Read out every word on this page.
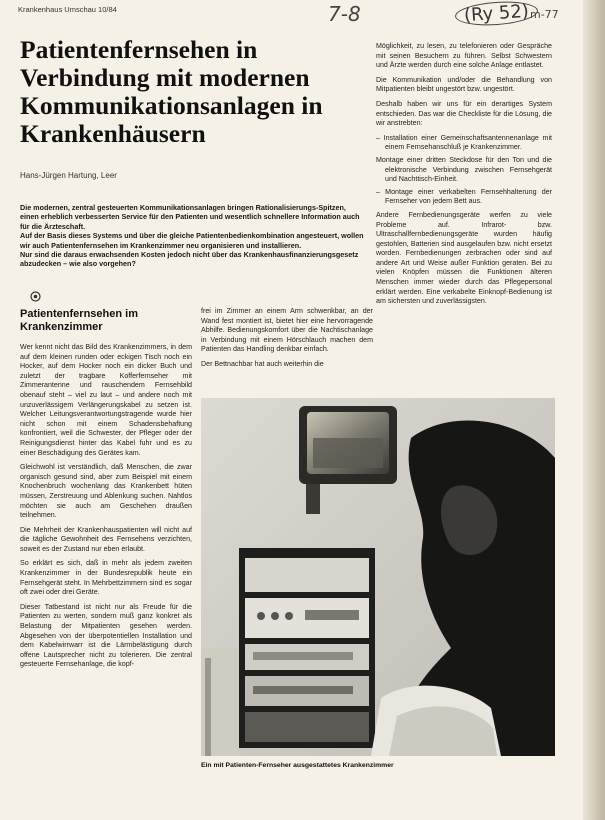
Krankenhaus Umschau 10/84	7-8	(Ry 52) m-77
Patientenfernsehen in Verbindung mit modernen Kommunikationsanlagen in Krankenhäusern
Hans-Jürgen Hartung, Leer

Die modernen, zentral gesteuerten Kommunikationsanlagen bringen Rationalisierungs-Spitzen, einen erheblich verbesserten Service für den Patienten und wesentlich schnellere Information auch für die Ärzteschaft.

Auf der Basis dieses Systems und über die gleiche Patientenbedienkombination angesteuert, wollen wir auch Patientenfernsehen im Krankenzimmer neu organisieren und installieren.

Nur sind die daraus erwachsenden Kosten jedoch nicht über das Krankenhausfinanzierungsgesetz abzudecken – wie also vorgehen?

Patientenfernsehen im Krankenzimmer

Wer kennt nicht das Bild des Krankenzimmers, in dem auf dem kleinen runden oder eckigen Tisch noch ein Hocker, auf dem Hocker noch ein dicker Buch und zuletzt der tragbare Kofferfernseher mit Zimmerantenne und rauschendem Fernsehbild obenauf steht – viel zu laut – und andere noch mit unzuverlässigem Verlängerungskabel zu setzen ist. Welcher Leitungsverantwortungstragende wurde hier nicht schon mit einem Schadensbehaftung konfrontiert, weil die Schwester, der Pfleger oder der Reinigungsdienst hinter das Kabel fuhr und es zu einer Beschädigung des Gerätes kam.

Gleichwohl ist verständlich, daß Menschen, die zwar organisch gesund sind, aber zum Beispiel mit einem Knochenbruch wochenlang das Krankenbett hüten müssen, Zerstreuung und Ablenkung suchen. Nahtlos möchten sie auch am Geschehen draußen teilnehmen.

Die Mehrheit der Krankenhauspatienten will nicht auf die tägliche Gewohnheit des Fernsehens verzichten, soweit es der Zustand nur eben erlaubt.

So erklärt es sich, daß in mehr als jedem zweiten Krankenzimmer in der Bundesrepublik heute ein Fernsehgerät steht. In Mehrbettzimmern sind es sogar oft zwei oder drei Geräte.

Dieser Tatbestand ist nicht nur als Freude für die Patienten zu werten, sondern muß ganz konkret als Belastung der Mitpatienten gesehen werden. Abgesehen von der überpotentiellen Installation und dem Kabelwirrwarr ist die Lärmbelästigung durch offene Lautsprecher nicht zu tolerieren. Die zentral gesteuerte Fernsehanlage, die kopf-

frei im Zimmer an einem Arm schwenkbar, an der Wand fest montiert ist, bietet hier eine hervorragende Abhilfe. Bedienungskomfort über die Nachtischanlage in Verbindung mit einem Hörschlauch machen dem Patienten das Handling denkbar einfach.

Der Bettnachbar hat auch weiterhin die

Möglichkeit, zu lesen, zu telefonieren oder Gespräche mit seinen Besuchern zu führen. Selbst Schwestern und Ärzte werden durch eine solche Anlage entlastet.

Die Kommunikation und/oder die Behandlung von Mitpatienten bleibt ungestört bzw. ungestört.

Deshalb haben wir uns für ein derartiges System entschieden. Das war die Checkliste für die Lösung, die wir anstrebten:

– Installation einer Gemeinschaftsantennenanlage mit einem Fernsehanschluß je Krankenzimmer.
Montage einer dritten Steckdose für den Ton und die elektronische Verbindung zwischen Fernsehgerät und Nachttisch-Einheit.
– Montage einer verkabelten Fernsehhalterung der Fernseher von jedem Bett aus.

Andere Fernbedienungsgeräte werfen zu viele Probleme auf. Infrarot- bzw. Ultraschallfernbedienungsgeräte wurden häufig gestohlen, Batterien sind ausgelaufen bzw. nicht ersetzt worden. Fernbedienungen zerbrachen oder sind auf andere Art und Weise außer Funktion geraten. Bei zu vielen Knöpfen müssen die Funktionen älteren Menschen immer wieder durch das Pflegepersonal erklärt werden. Eine verkabelte Einknopf-Bedienung ist am sichersten und zuverlässigsten.

Ein mit Patienten-Fernseher ausgestattetes Krankenzimmer
